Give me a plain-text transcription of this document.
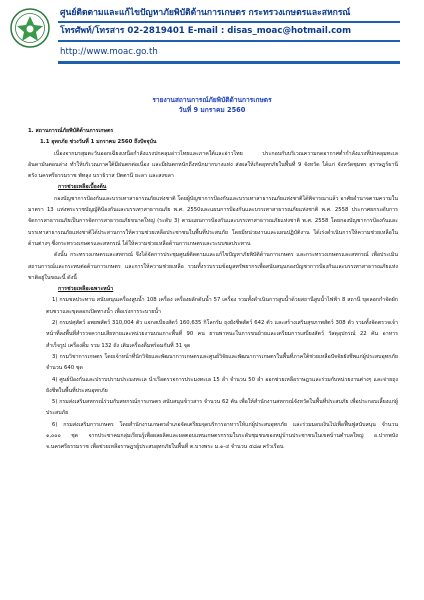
ศูนย์ติดตามและแก้ไขปัญหาภัยพิบัติด้านการเกษตร กระทรวงเกษตรและสหกรณ์
โทรศัพท์/โทรสาร 02-2819401 E-mail : disas_moac@hotmail.com
http://www.moac.go.th
รายงานสถานการณ์ภัยพิบัติด้านการเกษตร
วันที่ 9 มกราคม 2560

1. สถานการณ์ภัยพิบัติด้านการเกษตร

1.1 อุทกภัย ช่วงวันที่ 1 มกราคม 2560 ถึงปัจจุบัน

เนื่องจากมรสุมตะวันออกเฉียงเหนือกำลังแรงปกคลุมอ่าวไทยและภาคใต้และอ่าวไทย ประกอบกับบริเวณความกดอากาศต่ำกำลังแรงที่ปกคลุมทะเลอันดามันตอนล่าง ทำให้บริเวณภาคใต้มีฝนตกต่อเนื่อง และมีฝนตกหนักถึงหนักมากบางแห่ง ส่งผลให้เกิดอุทกภัยในพื้นที่ 9 จังหวัด ได้แก่ จังหวัดชุมพร สุราษฎร์ธานี ตรัง นครศรีธรรมราช พัทลุง นราธิวาส ปัตตานี ยะลา และสงขลา

การช่วยเหลือเบื้องต้น

กองบัญชาการป้องกันและบรรเทาสาธารณภัยแห่งชาติ โดยผู้บัญชาการป้องกันและบรรเทาสาธารณภัยแห่งชาติได้พิจารณาแล้ว อาศัยอำนาจตามความในมาตรา 13 แห่งพระราชบัญญัติป้องกันและบรรเทาสาธารณภัย พ.ศ. 2550และแผนการป้องกันและบรรเทาสาธารณภัยแห่งชาติ พ.ศ. 2558 ประกาศยกระดับการจัดการสาธารณภัยเป็นการจัดการสาธารณภัยขนาดใหญ่ (ระดับ 3) ตามแผนการป้องกันและบรรเทาสาธารณภัยแห่งชาติ พ.ศ. 2558 โดยกองบัญชาการป้องกันและบรรเทาสาธารณภัยแห่งชาติได้ประสานการให้ความช่วยเหลือประชาชนในพื้นที่ประสบภัย โดยมีหน่วยงานและแผนปฏิบัติงาน ได้เร่งดำเนินการให้ความช่วยเหลือในด้านต่างๆ ซึ่งกระทรวงเกษตรและสหกรณ์ ได้ให้ความช่วยเหลือด้านการเกษตรและระบบชลประทาน

ดังนั้น กระทรวงเกษตรและสหกรณ์ จึงได้จัดการประชุมศูนย์ติดตามและแก้ไขปัญหาภัยพิบัติด้านการเกษตร และกระทรวงเกษตรและสหกรณ์ เพื่อประเมินสถานการณ์และกระทบต่อด้านการเกษตร และการให้ความช่วยเหลือ รวมทั้งรวบรวมข้อมูลทรัพยากรเพื่อสนับสนุนกองบัญชาการป้องกันและบรรเทาสาธารณภัยแห่งชาติอยู่ในขณะนี้ ดังนี้

การช่วยเหลือเฉพาะหน้า

1) กรมชลประทาน สนับสนุนเครื่องสูบน้ำ 108 เครื่อง เครื่องผลักดันน้ำ 57 เครื่อง รวมทั้งดำเนินการสูบน้ำด้วยสถานีสูบน้ำไฟฟ้า 8 สถานี ขุดลอกกำจัดผักตบชวาและขุดลอกเปิดทางน้ำ เพื่อเร่งการระบายน้ำ

2) กรมปศุสัตว์ อพยพสัตว์ 310,004 ตัว แจกสเบียงสัตว์ 160,635 กิโลกรัม ถุงยังชีพสัตว์ 642 ตัว และสร้างเสริมสุขภาพสัตว์ 308 ตัว รวมทั้งจัดตรวจเจ้าหน้าที่ลงพื้นที่สำรวจความเสียหายและหน่วยงานบนเกาะพื้นที่ 90 คน ยานพาหนะในการขนย้ายและเตรียมการเสบียงสัตว์ วัสดุอุปกรณ์ 22 คัน อาหารสำเร็จรูป เครื่องดื่ม รวม 132 ถัง เติมเครื่องดื่มพร้อมกันที่ 31 จุด

3) กรมวิชาการเกษตร โดยเจ้าหน้าที่นักวิจัยและพัฒนาการเกษตรและศูนย์วิจัยและพัฒนาการเกษตรในพื้นที่ภาคใต้ช่วยเหลือปัจจัยยังชีพแก่ผู้ประสบอุทกภัย จำนวน 640 ชุด

4) ศูนย์ป้องกันและปราบปรามประมงทะเล นำเรือตรวจการประมงทะเล 15 ลำ จำนวน 50 ลำ ออกช่วยเหลือราษฎรและร่วมกับหน่วยงานต่างๆ และจ่ายถุงยังชีพในพื้นที่ประสบอุทกภัย

5) กรมส่งเสริมสหกรณ์ร่วมกับสหกรณ์การเกษตร สนับสนุนข้าวสาร จำนวน 62 ตัน เพื่อให้สำนักงานสหกรณ์จังหวัดในพื้นที่ประสบภัย เพื่อประกอบเลี้ยงแก่ผู้ประสบภัย

6) กรมส่งเสริมการเกษตร โดยสำนักงานเกษตรอำเภอจัดเตรียมจุดบริการอาหารให้แก่ผู้ประสบอุทกภัย และร่วมมอบเงินไปเพื่อฟื้นฟูสนับสนุน จำนวน ๑,๐๐๐ ชุด จากประชาคมกลุ่มเรียนรู้เพื่อผลผลิตและผลตอบแทนเกษตรกรรมในระดับชุมชนของหมู่บ้านประชาชนในเขตบ้านตำบลใหญ่ อ.ปากพนัง จ.นครศรีธรรมราช เพื่อช่วยเหลือราษฎรผู้ประสบอุทกภัยในพื้นที่ ต.บางพระ ม.๑-๔ จำนวน ๕๘๗ ครัวเรือน
